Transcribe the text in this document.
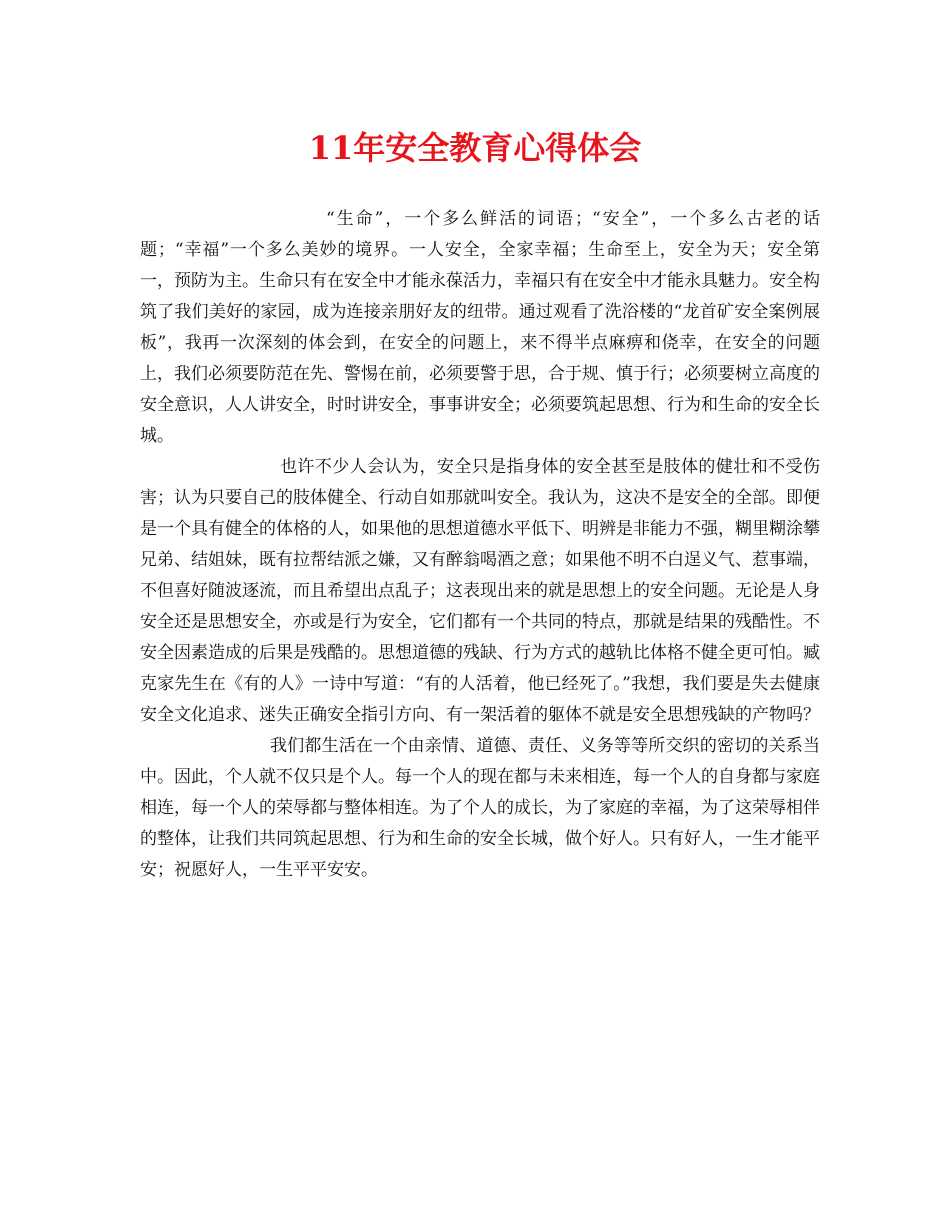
11年安全教育心得体会

“生命”，一个多么鲜活的词语；“安全”，一个多么古老的话题；“幸福”一个多么美妙的境界。一人安全，全家幸福；生命至上，安全为天；安全第一，预防为主。生命只有在安全中才能永葆活力，幸福只有在安全中才能永具魅力。安全构筑了我们美好的家园，成为连接亲朋好友的纽带。通过观看了洗浴楼的“龙首矿安全案例展板”，我再一次深刻的体会到，在安全的问题上，来不得半点麻痹和侥幸，在安全的问题上，我们必须要防范在先、警惕在前，必须要警于思，合于规、慎于行；必须要树立高度的安全意识，人人讲安全，时时讲安全，事事讲安全；必须要筑起思想、行为和生命的安全长城。

也许不少人会认为，安全只是指身体的安全甚至是肢体的健壮和不受伤害；认为只要自己的肢体健全、行动自如那就叫安全。我认为，这决不是安全的全部。即便是一个具有健全的体格的人，如果他的思想道德水平低下、明辨是非能力不强，糊里糊涂攀兄弟、结姐妹，既有拉帮结派之嫌，又有醉翁喝酒之意；如果他不明不白逞义气、惹事端，不但喜好随波逐流，而且希望出点乱子；这表现出来的就是思想上的安全问题。无论是人身安全还是思想安全，亦或是行为安全，它们都有一个共同的特点，那就是结果的残酷性。不安全因素造成的后果是残酷的。思想道德的残缺、行为方式的越轨比体格不健全更可怕。臧克家先生在《有的人》一诗中写道：“有的人活着，他已经死了。”我想，我们要是失去健康安全文化追求、迷失正确安全指引方向、有一架活着的躯体不就是安全思想残缺的产物吗？

我们都生活在一个由亲情、道德、责任、义务等等所交织的密切的关系当中。因此，个人就不仅只是个人。每一个人的现在都与未来相连，每一个人的自身都与家庭相连，每一个人的荣辱都与整体相连。为了个人的成长，为了家庭的幸福，为了这荣辱相伴的整体，让我们共同筑起思想、行为和生命的安全长城，做个好人。只有好人，一生才能平安；祝愿好人，一生平平安安。
